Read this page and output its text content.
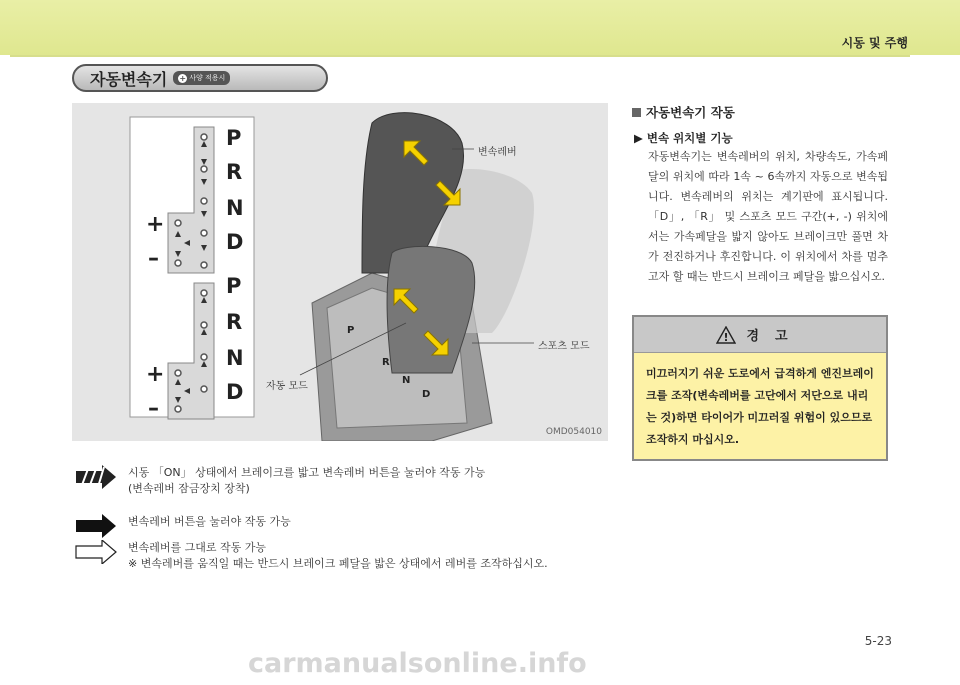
시동 및 주행
자동변속기 + 사양 적용시
+
–
+
–
P
R
N
D
P
R
N
D
P
R
N
D
변속레버
스포츠 모드
자동 모드
OMD054010
시동 「ON」 상태에서 브레이크를 밟고 변속레버 버튼을 눌러야 작동 가능
(변속레버 잠금장치 장착)
변속레버 버튼을 눌러야 작동 가능
변속레버를 그대로 작동 가능
※ 변속레버를 움직일 때는 반드시 브레이크 페달을 밟은 상태에서 레버를 조작하십시오.
자동변속기 작동
▶ 변속 위치별 기능
자동변속기는 변속레버의 위치, 차량속도, 가속페달의 위치에 따라 1속 ~ 6속까지 자동으로 변속됩니다. 변속레버의 위치는 계기판에 표시됩니다. 「D」, 「R」 및 스포츠 모드 구간(+, -) 위치에서는 가속페달을 밟지 않아도 브레이크만 풀면 차가 전진하거나 후진합니다. 이 위치에서 차를 멈추고자 할 때는 반드시 브레이크 페달을 밟으십시오.
! 경고
미끄러지기 쉬운 도로에서 급격하게 엔진브레이크를 조작(변속레버를 고단에서 저단으로 내리는 것)하면 타이어가 미끄러질 위험이 있으므로 조작하지 마십시오.
5-23
carmanualsonline.info
